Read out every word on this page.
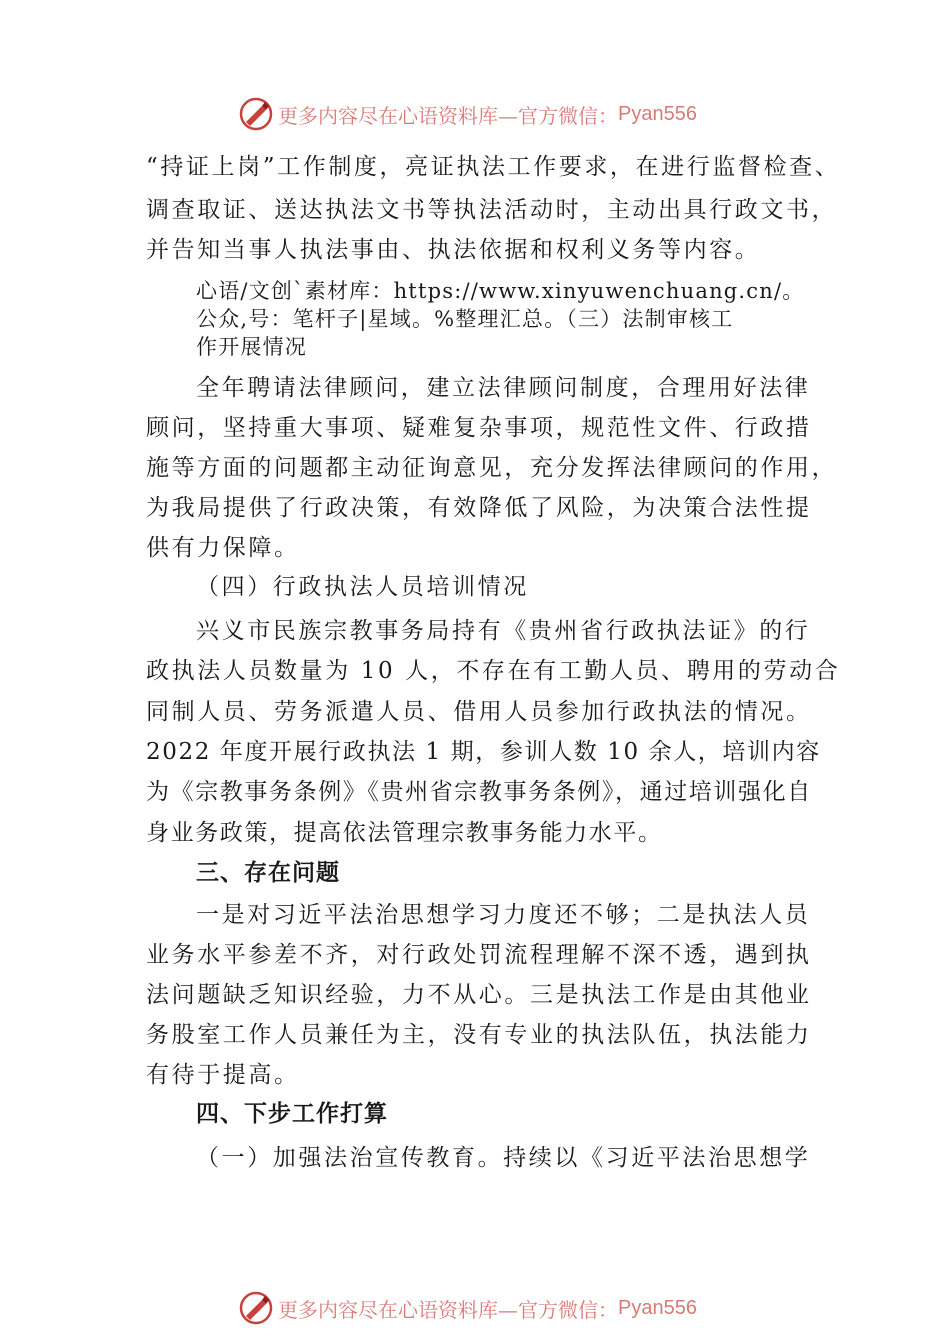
更多内容尽在心语资料库—官方微信： Pyan556
“持证上岗”工作制度，亮证执法工作要求，在进行监督检查、
调查取证、送达执法文书等执法活动时，主动出具行政文书，
并告知当事人执法事由、执法依据和权利义务等内容。
心语/文创`素材库：https://www.xinyuwenchuang.cn/。
公众,号：笔杆子|星域。%整理汇总。（三）法制审核工
作开展情况
全年聘请法律顾问，建立法律顾问制度，合理用好法律
顾问，坚持重大事项、疑难复杂事项，规范性文件、行政措
施等方面的问题都主动征询意见，充分发挥法律顾问的作用，
为我局提供了行政决策，有效降低了风险，为决策合法性提
供有力保障。
（四）行政执法人员培训情况
兴义市民族宗教事务局持有《贵州省行政执法证》的行
政执法人员数量为 10 人，不存在有工勤人员、聘用的劳动合
同制人员、劳务派遣人员、借用人员参加行政执法的情况。
2022 年度开展行政执法 1 期，参训人数 10 余人，培训内容
为《宗教事务条例》《贵州省宗教事务条例》，通过培训强化自
身业务政策，提高依法管理宗教事务能力水平。
三、存在问题
一是对习近平法治思想学习力度还不够；二是执法人员
业务水平参差不齐，对行政处罚流程理解不深不透，遇到执
法问题缺乏知识经验，力不从心。三是执法工作是由其他业
务股室工作人员兼任为主，没有专业的执法队伍，执法能力
有待于提高。
四、下步工作打算
（一）加强法治宣传教育。持续以《习近平法治思想学
更多内容尽在心语资料库—官方微信： Pyan556
